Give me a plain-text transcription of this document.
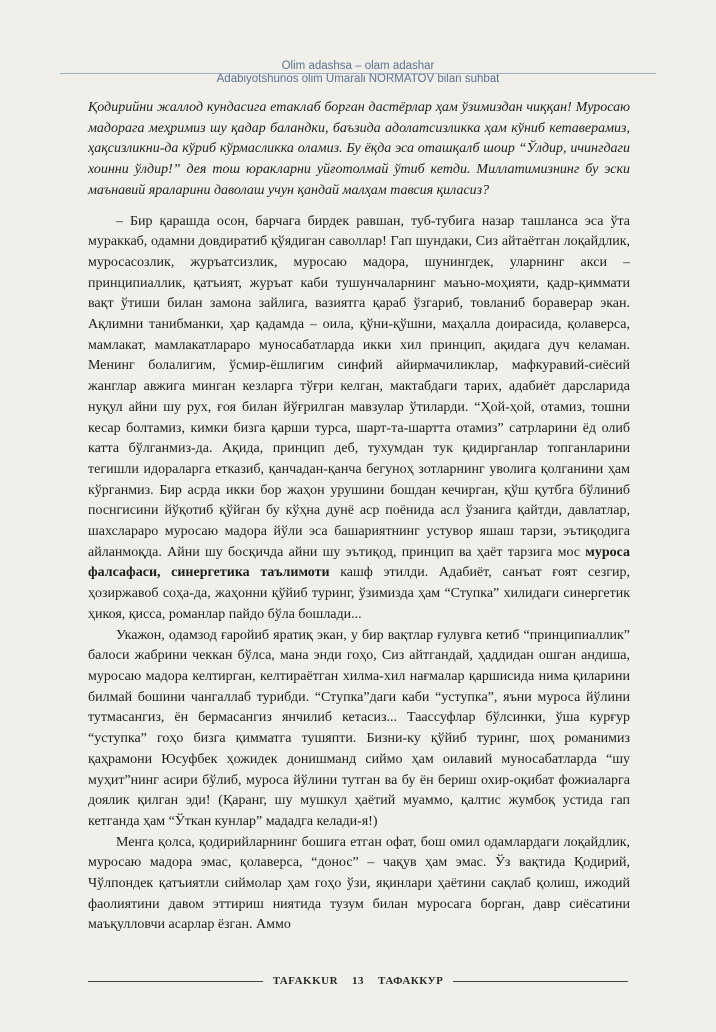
Olim adashsa – olam adashar
Adabiyotshunos olim Umarali NORMATOV bilan suhbat

Қодирийни жаллод кундасига етаклаб борган дастёрлар ҳам ўзимиздан чиққан! Муросаю мадорага меҳримиз шу қадар баландки, баъзида адолатсизликка ҳам кўниб кетаверамиз, ҳақсизликни-да кўриб кўрмасликка оламиз. Бу ёқда эса оташқалб шоир “Ўлдир, ичингдаги хоинни ўлдир!” дея тош юракларни уйғотолмай ўтиб кетди. Миллатимизнинг бу эски маънавий яраларини даволаш учун қандай малҳам тавсия қиласиз?

– Бир қарашда осон, барчага бирдек равшан, туб-тубига назар ташланса эса ўта мураккаб, одамни довдиратиб қўядиган саволлар! Гап шундаки, Сиз айтаётган лоқайдлик, муросасозлик, журъатсизлик, муросаю мадора, шунингдек, уларнинг акси – принципиаллик, қатъият, журъат каби тушунчаларнинг маъно-моҳияти, қадр-қиммати вақт ўтиши билан замона зайлига, вазиятга қараб ўзгариб, товланиб бораверар экан. Ақлимни танибманки, ҳар қадамда – оила, қўни-қўшни, маҳалла доирасида, қолаверса, мамлакат, мамлакатлараро муносабатларда икки хил принцип, ақидага дуч келаман. Менинг болалигим, ўсмир-ёшлигим синфий айирмачиликлар, мафкуравий-сиёсий жанглар авжига минган кезларга тўғри келган, мактабдаги тарих, адабиёт дарсларида нуқул айни шу рух, ғоя билан йўғрилган мавзулар ўтиларди. “Ҳой-ҳой, отамиз, тошни кесар болтамиз, кимки бизга қарши турса, шарт-та-шартта отамиз” сатрларини ёд олиб катта бўлганмиз-да. Ақида, принцип деб, тухумдан тук қидирганлар топганларини тегишли идораларга етказиб, қанчадан-қанча бегуноҳ зотларнинг уволига қолганини ҳам кўрганмиз. Бир асрда икки бор жаҳон урушини бошдан кечирган, қўш қутбга бўлиниб поснгисини йўқотиб қўйган бу кўҳна дунё аср поёнида асл ўзанига қайтди, давлатлар, шахслараро муросаю мадора йўли эса башариятнинг устувор яшаш тарзи, эътиқодига айланмоқда. Айни шу босқичда айни шу эътиқод, принцип ва ҳаёт тарзига мос муроса фалсафаси, синергетика таълимоти кашф этилди. Адабиёт, санъат ғоят сезгир, ҳозиржавоб соҳа-да, жаҳонни қўйиб туринг, ўзимизда ҳам “Ступка” хилидаги синергетик ҳикоя, қисса, романлар пайдо бўла бошлади...

Укажон, одамзод ғаройиб яратиқ экан, у бир вақтлар ғулувга кетиб “принципиаллик” балоси жабрини чеккан бўлса, мана энди гоҳо, Сиз айтгандай, ҳаддидан ошган андиша, муросаю мадора келтирган, келтираётган хилма-хил нағмалар қаршисида нима қиларини билмай бошини чангаллаб турибди. “Ступка”даги каби “уступка”, яъни муроса йўлини тутмасангиз, ён бермасангиз янчилиб кетасиз... Таассуфлар бўлсинки, ўша курғур “уступка” гоҳо бизга қимматга тушяпти. Бизни-ку қўйиб туринг, шоҳ романимиз қаҳрамони Юсуфбек ҳожидек донишманд сиймо ҳам оилавий муносабатларда “шу муҳит”нинг асири бўлиб, муроса йўлини тутган ва бу ён бериш охир-оқибат фожиаларга доялик қилган эди! (Қаранг, шу мушкул ҳаётий муаммо, қалтис жумбоқ устида гап кетганда ҳам “Ўткан кунлар” мададга келади-я!)

Менга қолса, қодирийларнинг бошига етган офат, бош омил одамлардаги лоқайдлик, муросаю мадора эмас, қолаверса, “донос” – чақув ҳам эмас. Ўз вақтида Қодирий, Чўлпондек қатъиятли сиймолар ҳам гоҳо ўзи, яқинлари ҳаётини сақлаб қолиш, ижодий фаолиятини давом эттириш ниятида тузум билан муросага борган, давр сиёсатини маъқулловчи асарлар ёзган. Аммо

TAFAKKUR 13 ТАФАККУР
